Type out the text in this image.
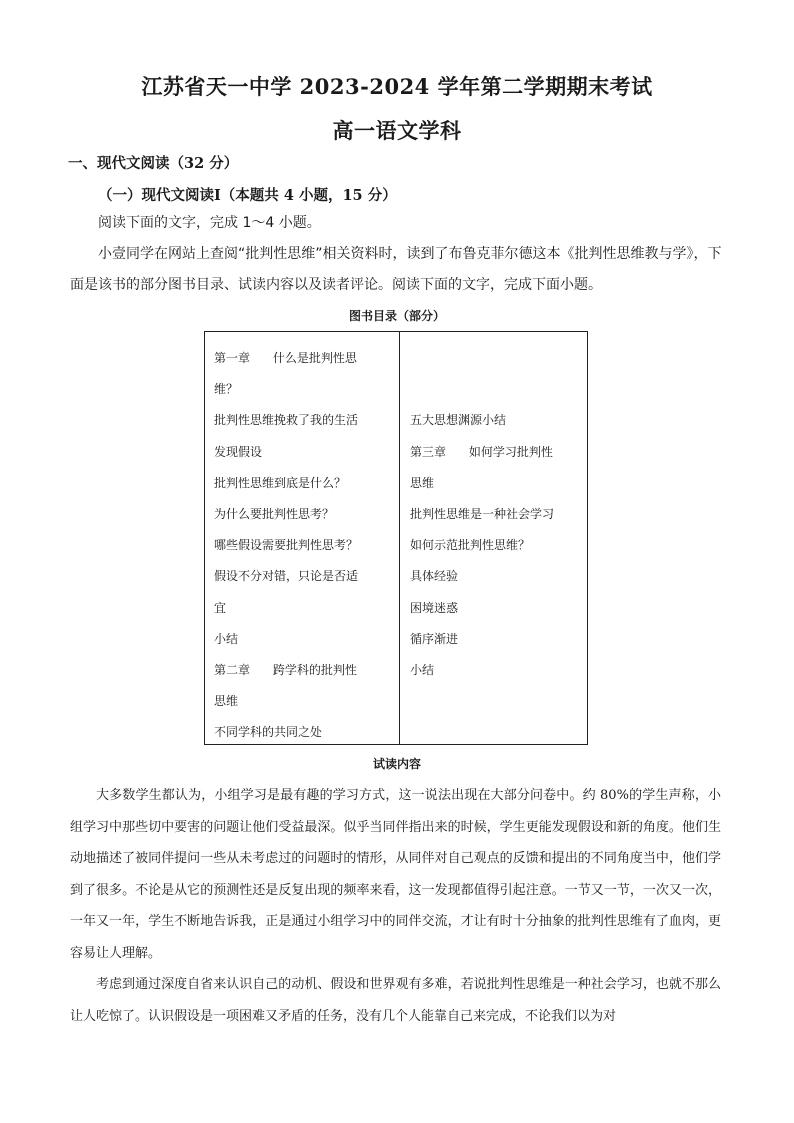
江苏省天一中学 2023-2024 学年第二学期期末考试
高一语文学科
一、现代文阅读（32 分）
（一）现代文阅读Ⅰ（本题共 4 小题，15 分）
阅读下面的文字，完成 1～4 小题。
小壹同学在网站上查阅“批判性思维”相关资料时，读到了布鲁克菲尔德这本《批判性思维教与学》，下面是该书的部分图书目录、试读内容以及读者评论。阅读下面的文字，完成下面小题。
图书目录（部分）
第一章      什么是批判性思
维？
批判性思维挽救了我的生活
发现假设
批判性思维到底是什么？
为什么要批判性思考？
哪些假设需要批判性思考？
假设不分对错，只论是否适
宜
小结
第二章      跨学科的批判性
思维
不同学科的共同之处
五大思想渊源小结
第三章      如何学习批判性
思维
批判性思维是一种社会学习
如何示范批判性思维？
具体经验
困境迷惑
循序渐进
小结
试读内容
大多数学生都认为，小组学习是最有趣的学习方式，这一说法出现在大部分问卷中。约 80%的学生声称，小组学习中那些切中要害的问题让他们受益最深。似乎当同伴指出来的时候，学生更能发现假设和新的角度。他们生动地描述了被同伴提问一些从未考虑过的问题时的情形，从同伴对自己观点的反馈和提出的不同角度当中，他们学到了很多。不论是从它的预测性还是反复出现的频率来看，这一发现都值得引起注意。一节又一节，一次又一次，一年又一年，学生不断地告诉我，正是通过小组学习中的同伴交流，才让有时十分抽象的批判性思维有了血肉，更容易让人理解。
考虑到通过深度自省来认识自己的动机、假设和世界观有多难，若说批判性思维是一种社会学习，也就不那么让人吃惊了。认识假设是一项困难又矛盾的任务，没有几个人能靠自己来完成，不论我们以为对
